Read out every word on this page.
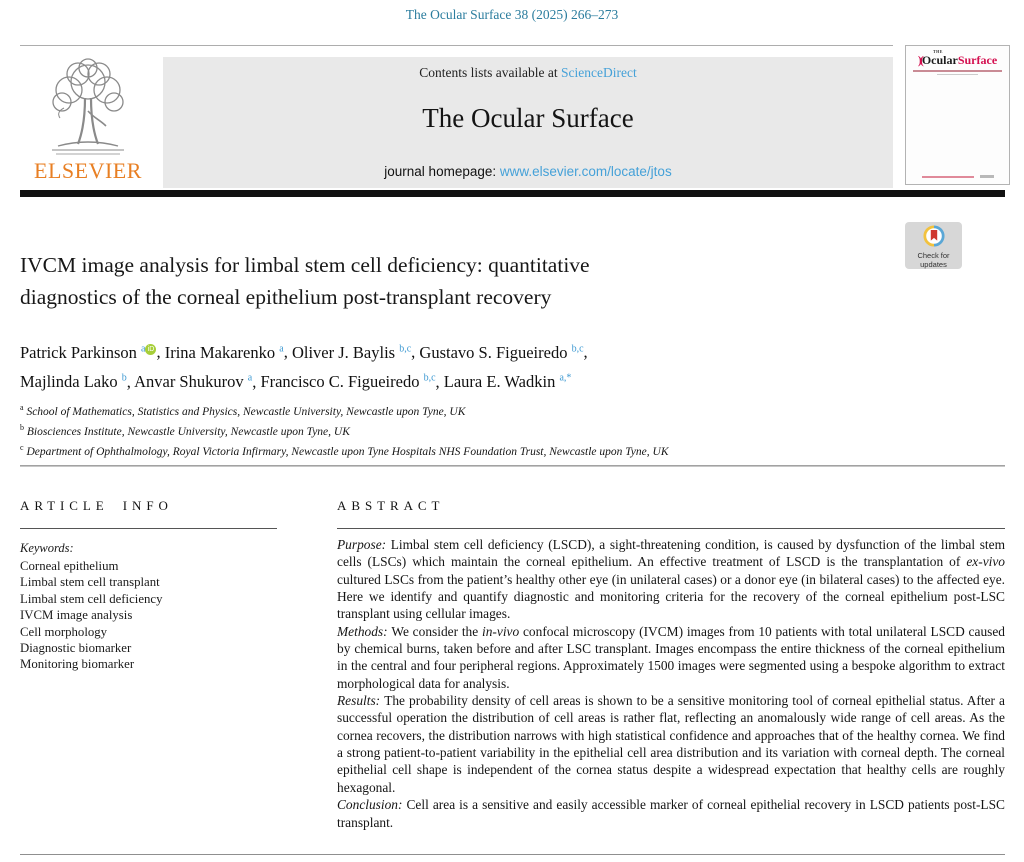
The Ocular Surface 38 (2025) 266–273
ELSEVIER
Contents lists available at ScienceDirect
The Ocular Surface
journal homepage: www.elsevier.com/locate/jtos
)(
THE
OcularSurface
Check for
updates
IVCM image analysis for limbal stem cell deficiency: quantitative
diagnostics of the corneal epithelium post-transplant recovery
Patrick Parkinson $^a$ iD , Irina Makarenko $^a$, Oliver J. Baylis $^{b,c}$, Gustavo S. Figueiredo $^{b,c}$,
Majlinda Lako $^b$, Anvar Shukurov $^a$, Francisco C. Figueiredo $^{b,c}$, Laura E. Wadkin $^{a,*}$
$^a$ School of Mathematics, Statistics and Physics, Newcastle University, Newcastle upon Tyne, UK
$^b$ Biosciences Institute, Newcastle University, Newcastle upon Tyne, UK
$^c$ Department of Ophthalmology, Royal Victoria Infirmary, Newcastle upon Tyne Hospitals NHS Foundation Trust, Newcastle upon Tyne, UK
ARTICLE INFO
Keywords:
Corneal epithelium
Limbal stem cell transplant
Limbal stem cell deficiency
IVCM image analysis
Cell morphology
Diagnostic biomarker
Monitoring biomarker
ABSTRACT

Purpose: Limbal stem cell deficiency (LSCD), a sight-threatening condition, is caused by dysfunction of the limbal stem cells (LSCs) which maintain the corneal epithelium. An effective treatment of LSCD is the transplantation of ex-vivo cultured LSCs from the patient’s healthy other eye (in unilateral cases) or a donor eye (in bilateral cases) to the affected eye. Here we identify and quantify diagnostic and monitoring criteria for the recovery of the corneal epithelium post-LSC transplant using cellular images.

Methods: We consider the in-vivo confocal microscopy (IVCM) images from 10 patients with total unilateral LSCD caused by chemical burns, taken before and after LSC transplant. Images encompass the entire thickness of the corneal epithelium in the central and four peripheral regions. Approximately 1500 images were segmented using a bespoke algorithm to extract morphological data for analysis.

Results: The probability density of cell areas is shown to be a sensitive monitoring tool of corneal epithelial status. After a successful operation the distribution of cell areas is rather flat, reflecting an anomalously wide range of cell areas. As the cornea recovers, the distribution narrows with high statistical confidence and approaches that of the healthy cornea. We find a strong patient-to-patient variability in the epithelial cell area distribution and its variation with corneal depth. The corneal epithelial cell shape is independent of the cornea status despite a widespread expectation that healthy cells are roughly hexagonal.

Conclusion: Cell area is a sensitive and easily accessible marker of corneal epithelial recovery in LSCD patients post-LSC transplant.
